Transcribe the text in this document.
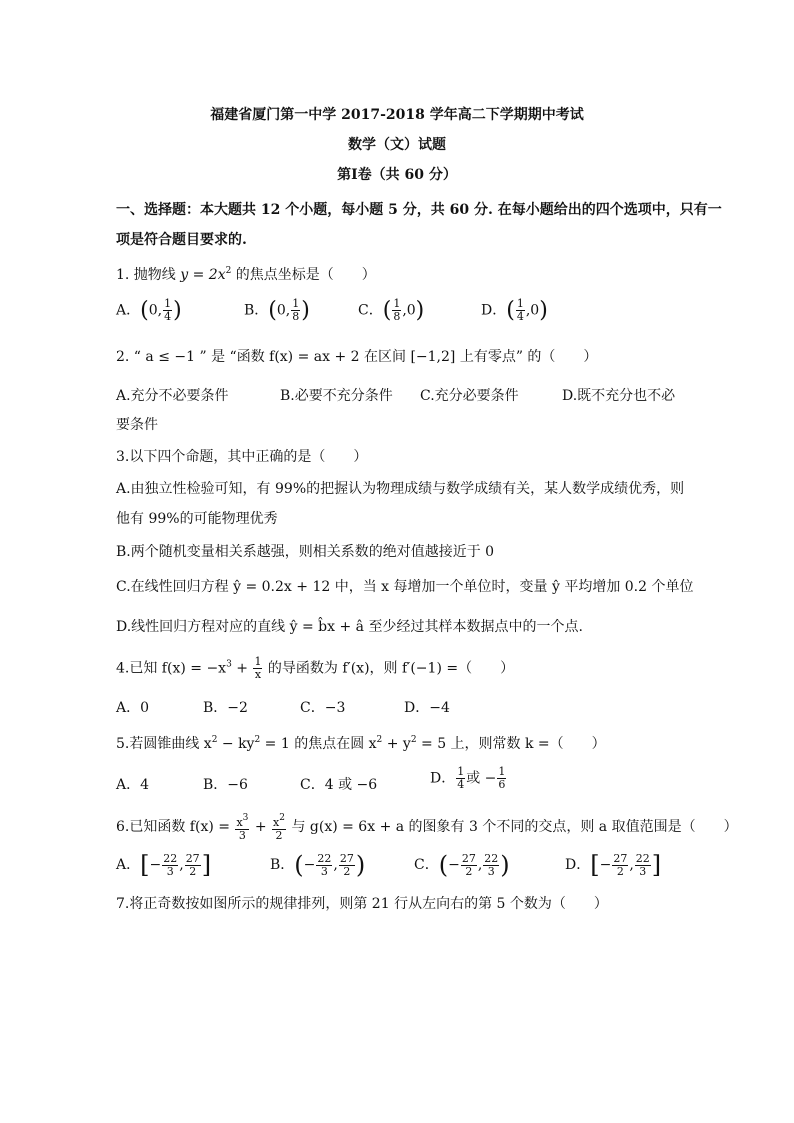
福建省厦门第一中学 2017-2018 学年高二下学期期中考试
数学（文）试题
第Ⅰ卷（共 60 分）
一、选择题：本大题共 12 个小题，每小题 5 分，共 60 分. 在每小题给出的四个选项中，只有一
项是符合题目要求的.
1. 抛物线 $y = 2x^2$ 的焦点坐标是（　　）
A．(0, $\frac{1}{4}$ )	B．(0, $\frac{1}{8}$ )	C．( $\frac{1}{8} ,0$)	D．( $\frac{1}{4} ,0$)
2. “ a ≤ −1 ” 是 “函数 f(x) = ax + 2 在区间 [−1,2] 上有零点” 的（　　）
A.充分不必要条件	B.必要不充分条件 C.充分必要条件	D.既不充分也不必
要条件
3.以下四个命题，其中正确的是（　　）
A.由独立性检验可知，有 99%的把握认为物理成绩与数学成绩有关，某人数学成绩优秀，则
他有 99%的可能物理优秀
B.两个随机变量相关系越强，则相关系数的绝对值越接近于 0
C.在线性回归方程 ŷ = 0.2x + 12 中，当 x 每增加一个单位时，变量 ŷ 平均增加 0.2 个单位
D.线性回归方程对应的直线 ŷ = b̂x + â 至少经过其样本数据点中的一个点.
4.已知 $f(x) = -x^3 + \frac{1}{x}$ 的导函数为 f′(x)，则 f′(−1) =（　　）
A．0	B．−2	C．−3	D．−4
5.若圆锥曲线 $x^2 - ky^2 = 1$ 的焦点在圆 $x^2 + y^2 = 5$ 上，则常数 k =（　　）
A．4	B．−6	C．4 或 −6	D． $\frac{1}{4}$ 或 − $\frac{1}{6}$
6.已知函数 $f(x) = \frac{x^3}{3} + \frac{x^2}{2}$ 与 g(x) = 6x + a 的图象有 3 个不同的交点，则 a 取值范围是（　　）
A．[− $\frac{22}{3}$ , $\frac{27}{2}$ ]	B．(− $\frac{22}{3}$ , $\frac{27}{2}$ )	C．(− $\frac{27}{2}$ , $\frac{22}{3}$ )	D．[− $\frac{27}{2}$ , $\frac{22}{3}$ ]
7.将正奇数按如图所示的规律排列，则第 21 行从左向右的第 5 个数为（　　）
